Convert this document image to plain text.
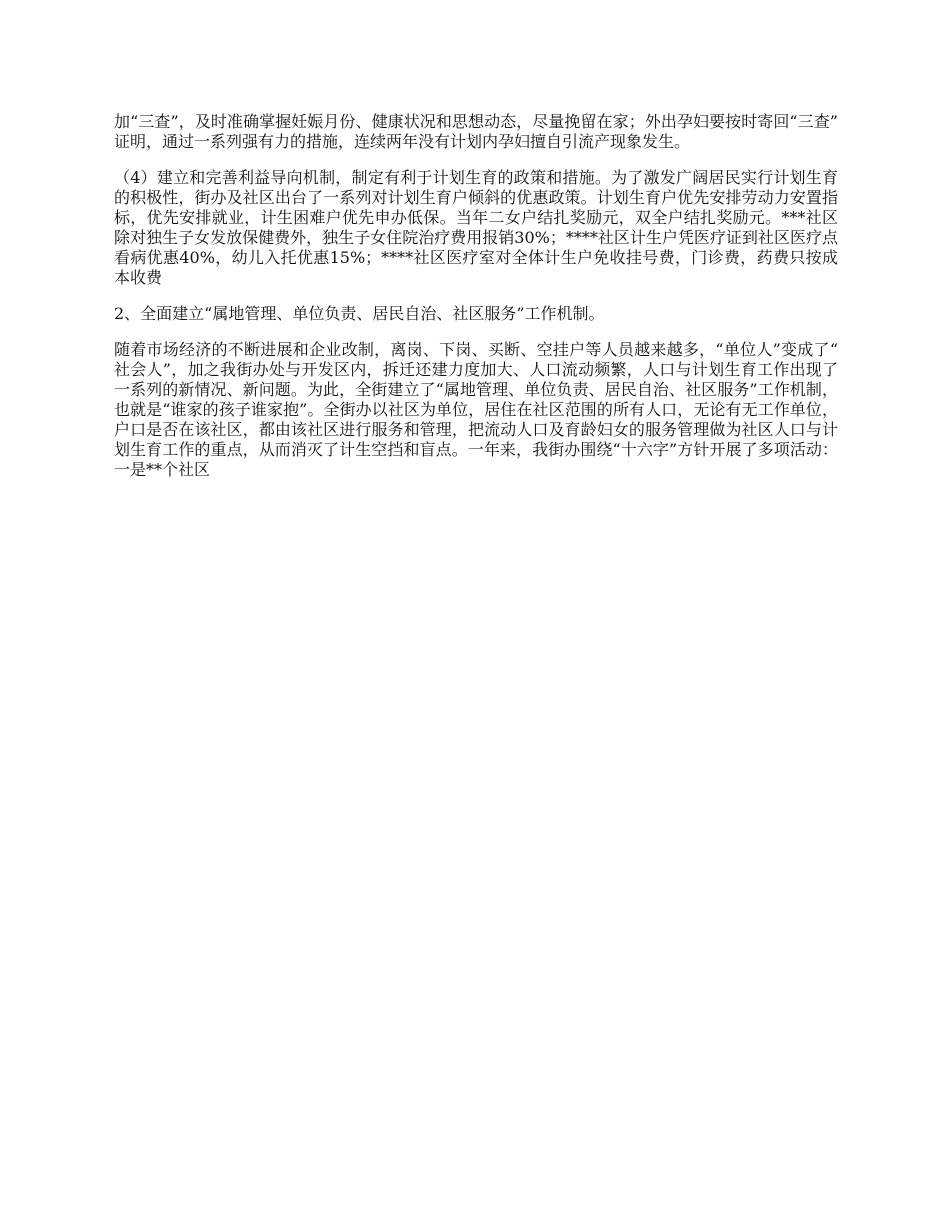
加“三查”，及时准确掌握妊娠月份、健康状况和思想动态，尽量挽留在家；外出孕妇要按时寄回“三查”证明，通过一系列强有力的措施，连续两年没有计划内孕妇擅自引流产现象发生。

（4）建立和完善利益导向机制，制定有利于计划生育的政策和措施。为了激发广阔居民实行计划生育的积极性，街办及社区出台了一系列对计划生育户倾斜的优惠政策。计划生育户优先安排劳动力安置指标，优先安排就业，计生困难户优先申办低保。当年二女户结扎奖励元，双全户结扎奖励元。***社区除对独生子女发放保健费外，独生子女住院治疗费用报销30%；****社区计生户凭医疗证到社区医疗点看病优惠40%，幼儿入托优惠15%；****社区医疗室对全体计生户免收挂号费，门诊费，药费只按成本收费

2、全面建立“属地管理、单位负责、居民自治、社区服务”工作机制。

随着市场经济的不断进展和企业改制，离岗、下岗、买断、空挂户等人员越来越多，“单位人”变成了“社会人”，加之我街办处与开发区内，拆迁还建力度加大、人口流动频繁，人口与计划生育工作出现了一系列的新情况、新问题。为此，全街建立了“属地管理、单位负责、居民自治、社区服务”工作机制，也就是“谁家的孩子谁家抱”。全街办以社区为单位，居住在社区范围的所有人口，无论有无工作单位，户口是否在该社区，都由该社区进行服务和管理，把流动人口及育龄妇女的服务管理做为社区人口与计划生育工作的重点，从而消灭了计生空挡和盲点。一年来，我街办围绕“十六字”方针开展了多项活动：一是**个社区
